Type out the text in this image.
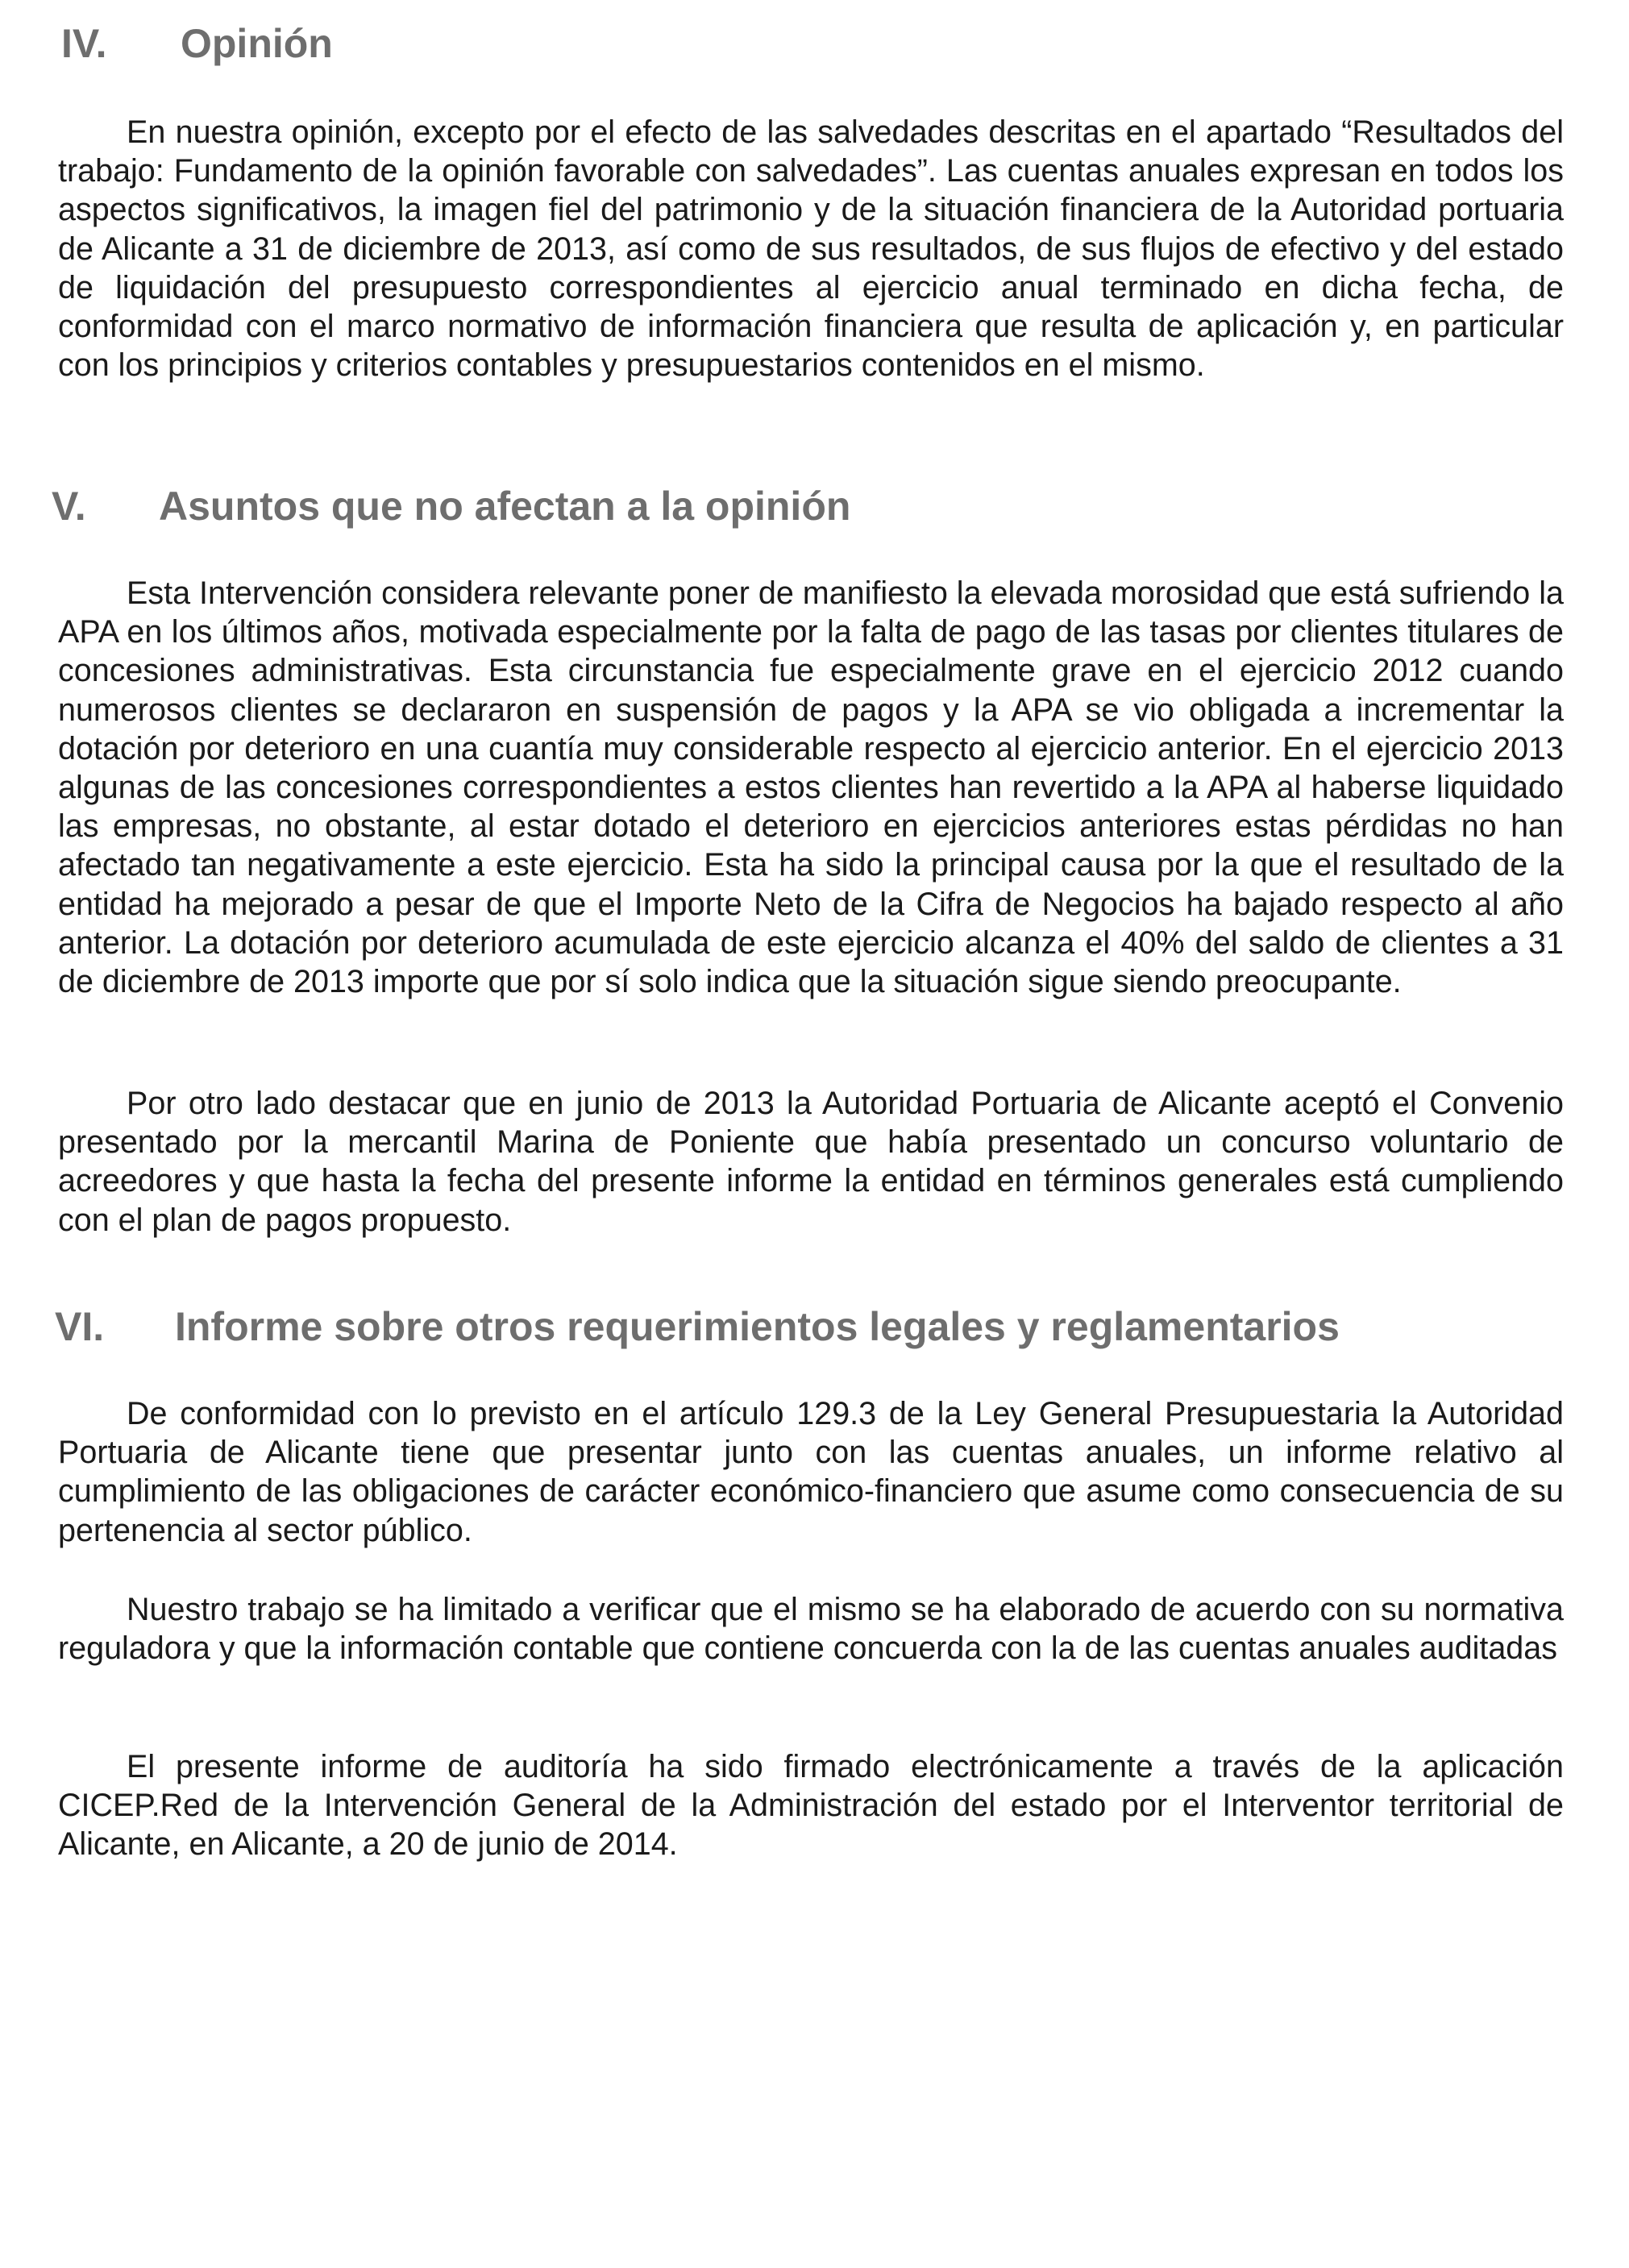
IV. Opinión

En nuestra opinión, excepto por el efecto de las salvedades descritas en el apartado “Resultados del trabajo: Fundamento de la opinión favorable con salvedades”. Las cuentas anuales expresan en todos los aspectos significativos, la imagen fiel del patrimonio y de la situación financiera de la Autoridad portuaria de Alicante a 31 de diciembre de 2013, así como de sus resultados, de sus flujos de efectivo y del estado de liquidación del presupuesto correspondientes al ejercicio anual terminado en dicha fecha, de conformidad con el marco normativo de información financiera que resulta de aplicación y, en particular con los principios y criterios contables y presupuestarios contenidos en el mismo.

V. Asuntos que no afectan a la opinión

Esta Intervención considera relevante poner de manifiesto la elevada morosidad que está sufriendo la APA en los últimos años, motivada especialmente por la falta de pago de las tasas por clientes titulares de concesiones administrativas. Esta circunstancia fue especialmente grave en el ejercicio 2012 cuando numerosos clientes se declararon en suspensión de pagos y la APA se vio obligada a incrementar la dotación por deterioro en una cuantía muy considerable respecto al ejercicio anterior. En el ejercicio 2013 algunas de las concesiones correspondientes a estos clientes han revertido a la APA al haberse liquidado las empresas, no obstante, al estar dotado el deterioro en ejercicios anteriores estas pérdidas no han afectado tan negativamente a este ejercicio. Esta ha sido la principal causa por la que el resultado de la entidad ha mejorado a pesar de que el Importe Neto de la Cifra de Negocios ha bajado respecto al año anterior. La dotación por deterioro acumulada de este ejercicio alcanza el 40% del saldo de clientes a 31 de diciembre de 2013 importe que por sí solo indica que la situación sigue siendo preocupante.

Por otro lado destacar que en junio de 2013 la Autoridad Portuaria de Alicante aceptó el Convenio presentado por la mercantil Marina de Poniente que había presentado un concurso voluntario de acreedores y que hasta la fecha del presente informe la entidad en términos generales está cumpliendo con el plan de pagos propuesto.

VI. Informe sobre otros requerimientos legales y reglamentarios

De conformidad con lo previsto en el artículo 129.3 de la Ley General Presupuestaria la Autoridad Portuaria de Alicante tiene que presentar junto con las cuentas anuales, un informe relativo al cumplimiento de las obligaciones de carácter económico-financiero que asume como consecuencia de su pertenencia al sector público.

Nuestro trabajo se ha limitado a verificar que el mismo se ha elaborado de acuerdo con su normativa reguladora y que la información contable que contiene concuerda con la de las cuentas anuales auditadas

El presente informe de auditoría ha sido firmado electrónicamente a través de la aplicación CICEP.Red de la Intervención General de la Administración del estado por el Interventor territorial de Alicante, en Alicante, a 20 de junio de 2014.
